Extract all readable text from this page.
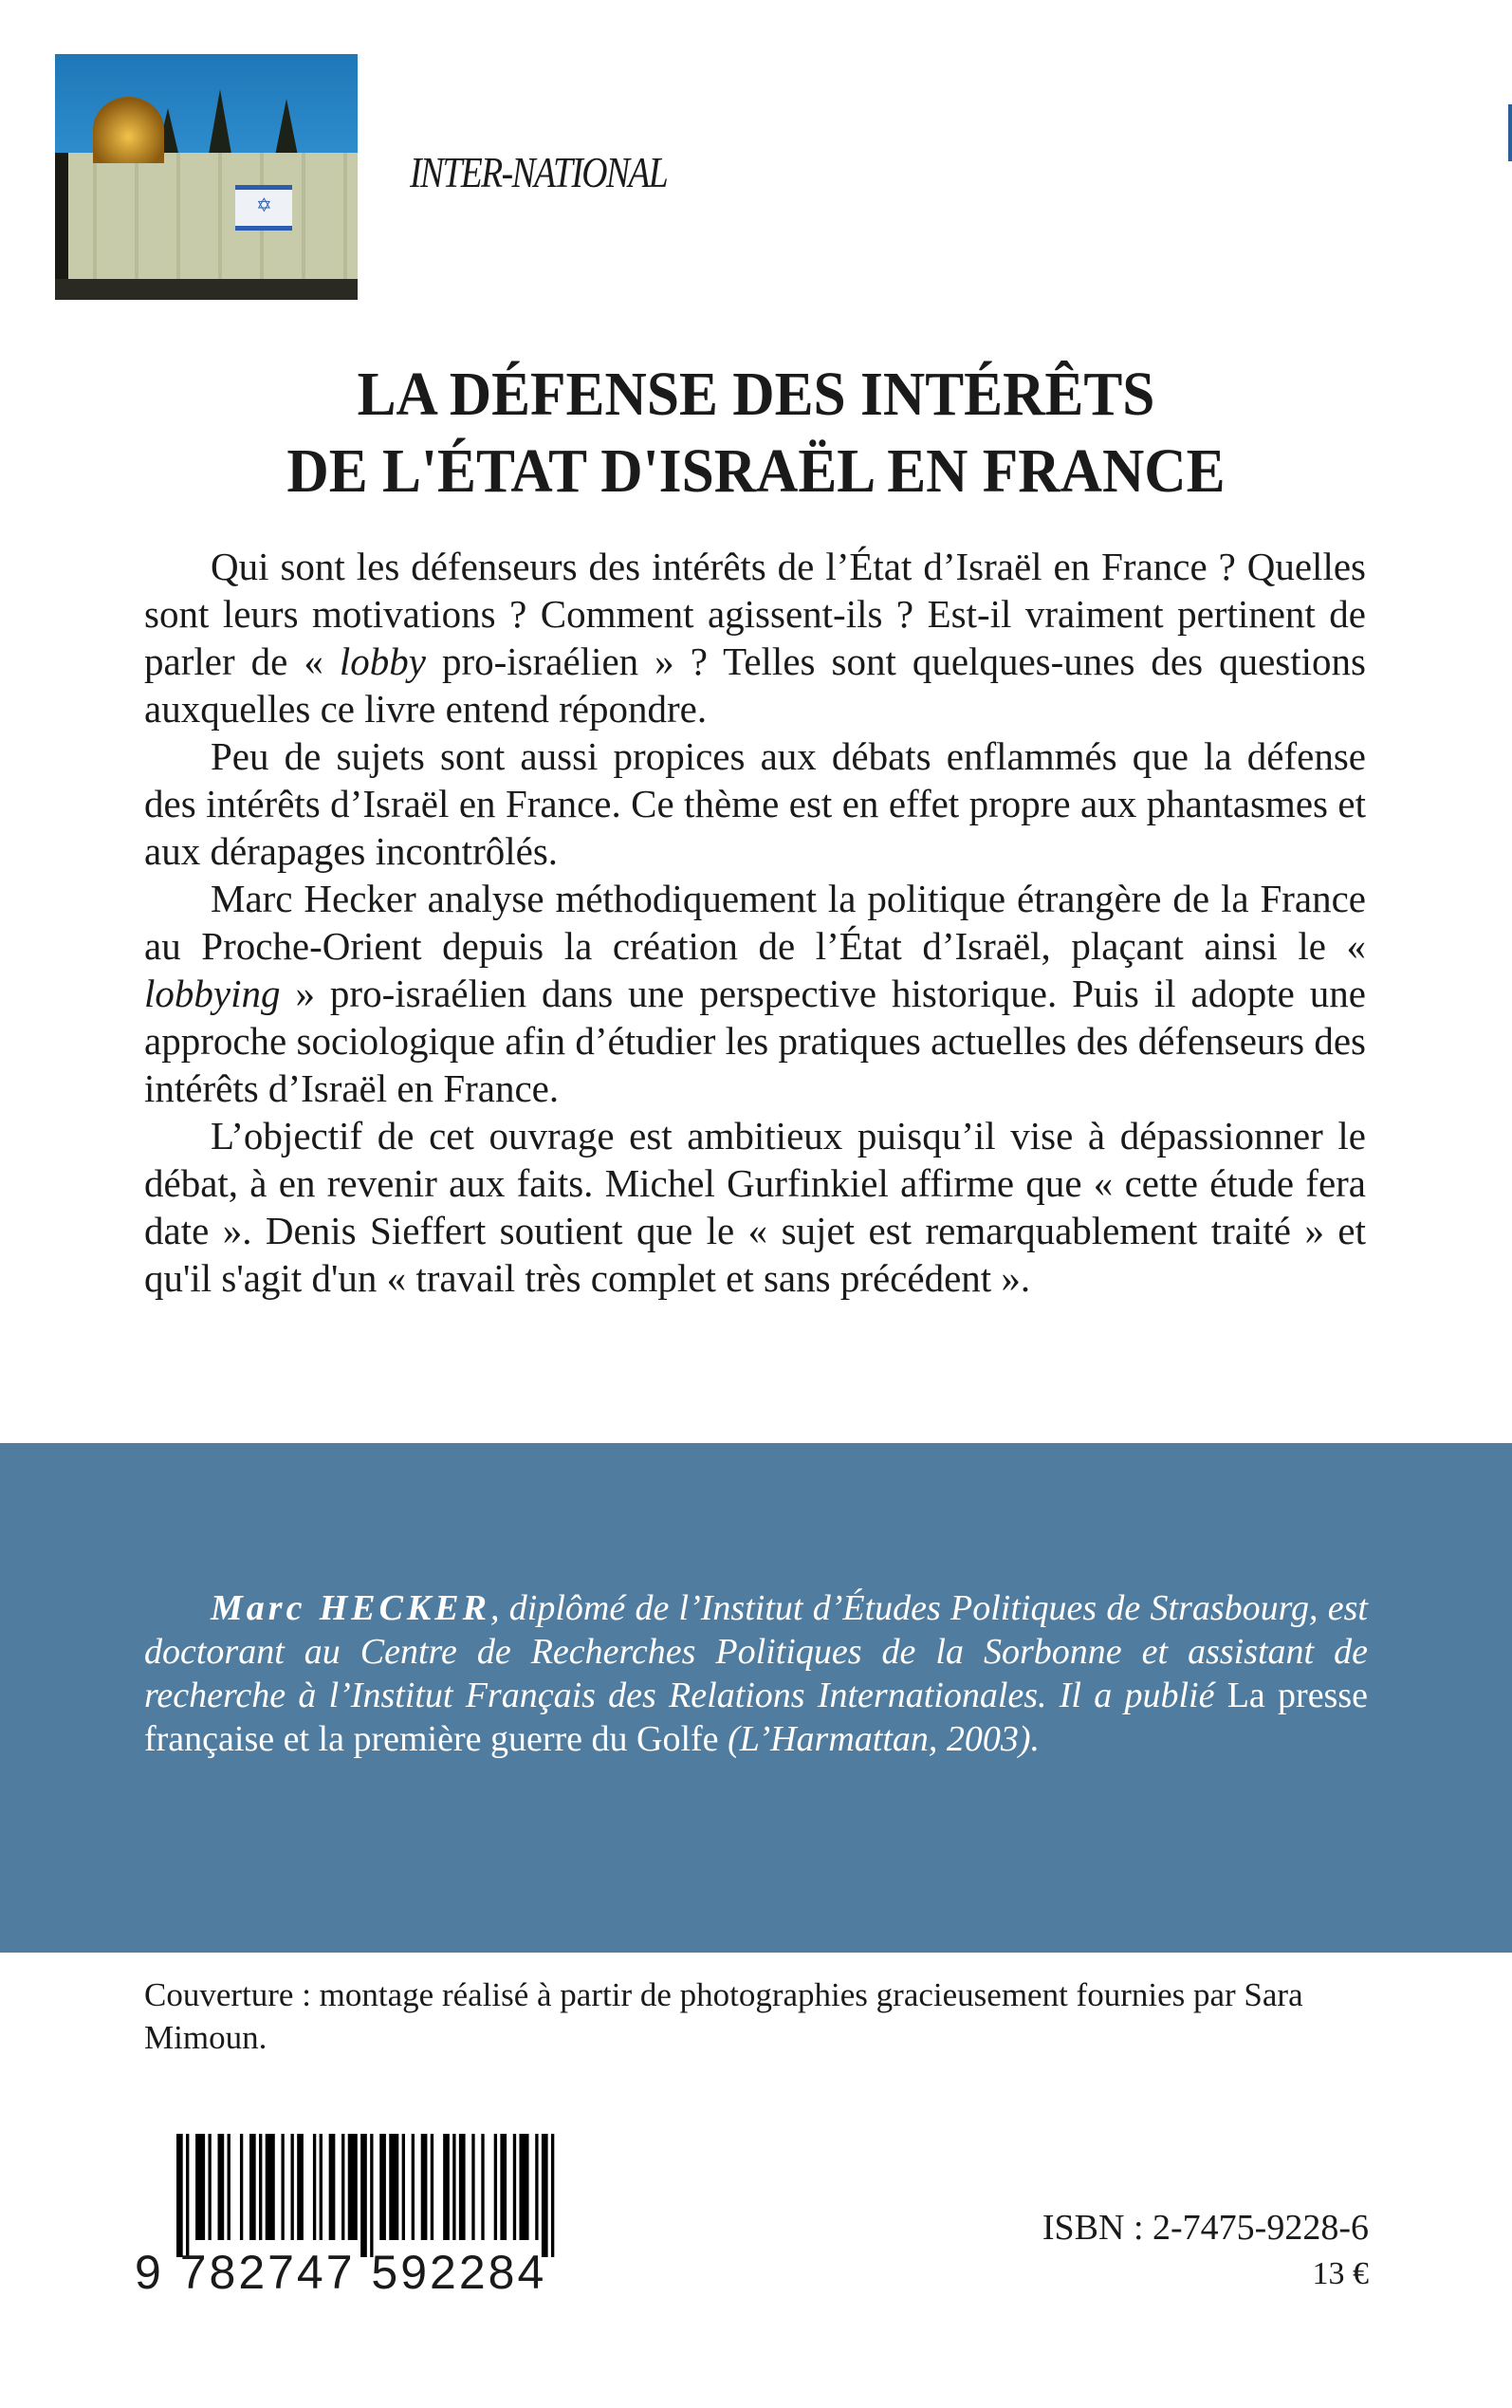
✡
INTER-NATIONAL
LA DÉFENSE DES INTÉRÊTS
DE L'ÉTAT D'ISRAËL EN FRANCE

Qui sont les défenseurs des intérêts de l’État d’Israël en France ? Quelles sont leurs motivations ? Comment agissent-ils ? Est-il vraiment pertinent de parler de « lobby pro-israélien » ? Telles sont quelques-unes des questions auxquelles ce livre entend répondre.

Peu de sujets sont aussi propices aux débats enflammés que la défense des intérêts d’Israël en France. Ce thème est en effet propre aux phantasmes et aux dérapages incontrôlés.

Marc Hecker analyse méthodiquement la politique étrangère de la France au Proche-Orient depuis la création de l’État d’Israël, plaçant ainsi le « lobbying » pro-israélien dans une perspective historique. Puis il adopte une approche sociologique afin d’étudier les pratiques actuelles des défenseurs des intérêts d’Israël en France.

L’objectif de cet ouvrage est ambitieux puisqu’il vise à dépassionner le débat, à en revenir aux faits. Michel Gurfinkiel affirme que « cette étude fera date ». Denis Sieffert soutient que le « sujet est remarquablement traité » et qu'il s'agit d'un « travail très complet et sans précédent ».

Marc HECKER, diplômé de l’Institut d’Études Politiques de Strasbourg, est doctorant au Centre de Recherches Politiques de la Sorbonne et assistant de recherche à l’Institut Français des Relations Internationales. Il a publié La presse française et la première guerre du Golfe (L’Harmattan, 2003).
Couverture : montage réalisé à partir de photographies gracieusement fournies par Sara Mimoun.
9 782747 592284
ISBN : 2-7475-9228-6
13 €
